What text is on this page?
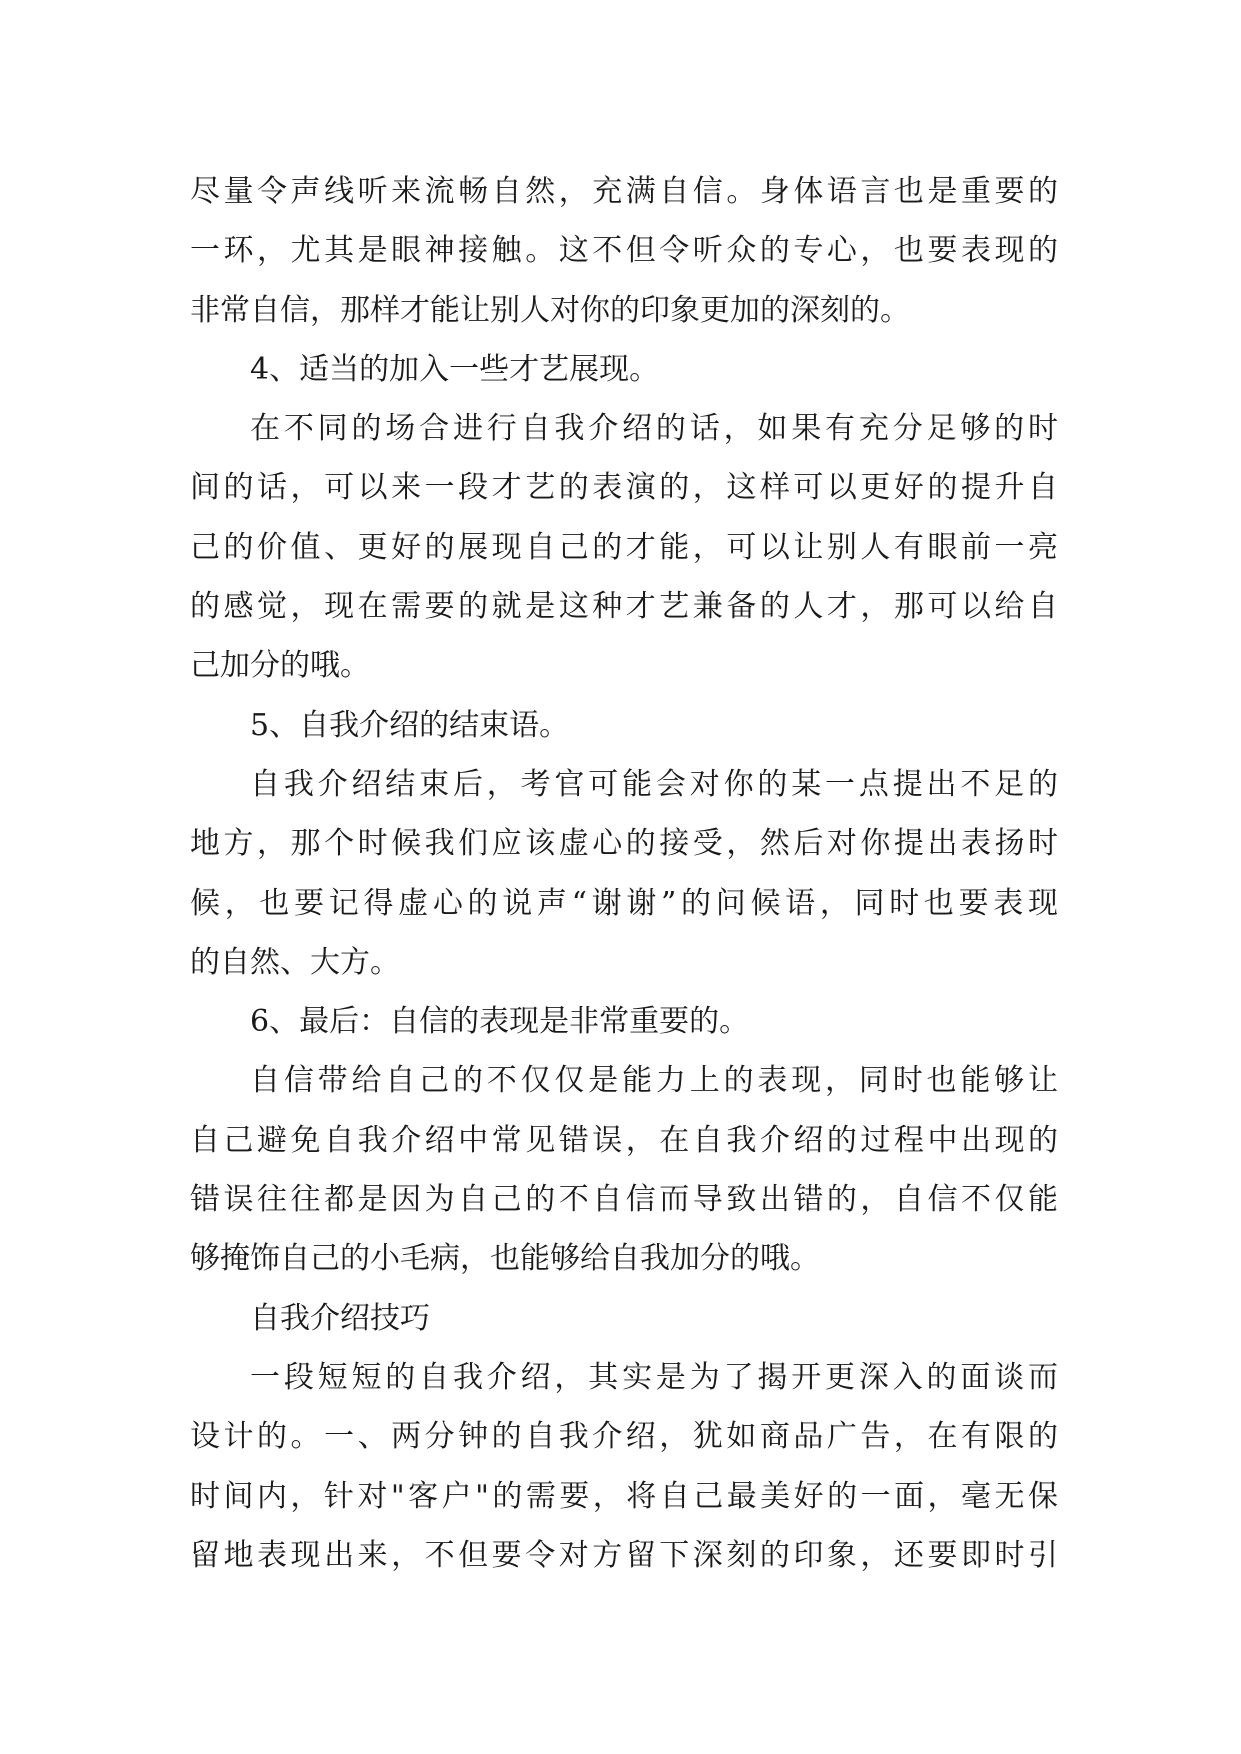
尽量令声线听来流畅自然，充满自信。身体语言也是重要的
一环，尤其是眼神接触。这不但令听众的专心，也要表现的
非常自信，那样才能让别人对你的印象更加的深刻的。
4、适当的加入一些才艺展现。
在不同的场合进行自我介绍的话，如果有充分足够的时
间的话，可以来一段才艺的表演的，这样可以更好的提升自
己的价值、更好的展现自己的才能，可以让别人有眼前一亮
的感觉，现在需要的就是这种才艺兼备的人才，那可以给自
己加分的哦。
5、自我介绍的结束语。
自我介绍结束后，考官可能会对你的某一点提出不足的
地方，那个时候我们应该虚心的接受，然后对你提出表扬时
候，也要记得虚心的说声“谢谢”的问候语，同时也要表现
的自然、大方。
6、最后：自信的表现是非常重要的。
自信带给自己的不仅仅是能力上的表现，同时也能够让
自己避免自我介绍中常见错误，在自我介绍的过程中出现的
错误往往都是因为自己的不自信而导致出错的，自信不仅能
够掩饰自己的小毛病，也能够给自我加分的哦。
自我介绍技巧
一段短短的自我介绍，其实是为了揭开更深入的面谈而
设计的。一、两分钟的自我介绍，犹如商品广告，在有限的
时间内，针对"客户"的需要，将自己最美好的一面，毫无保
留地表现出来，不但要令对方留下深刻的印象，还要即时引
